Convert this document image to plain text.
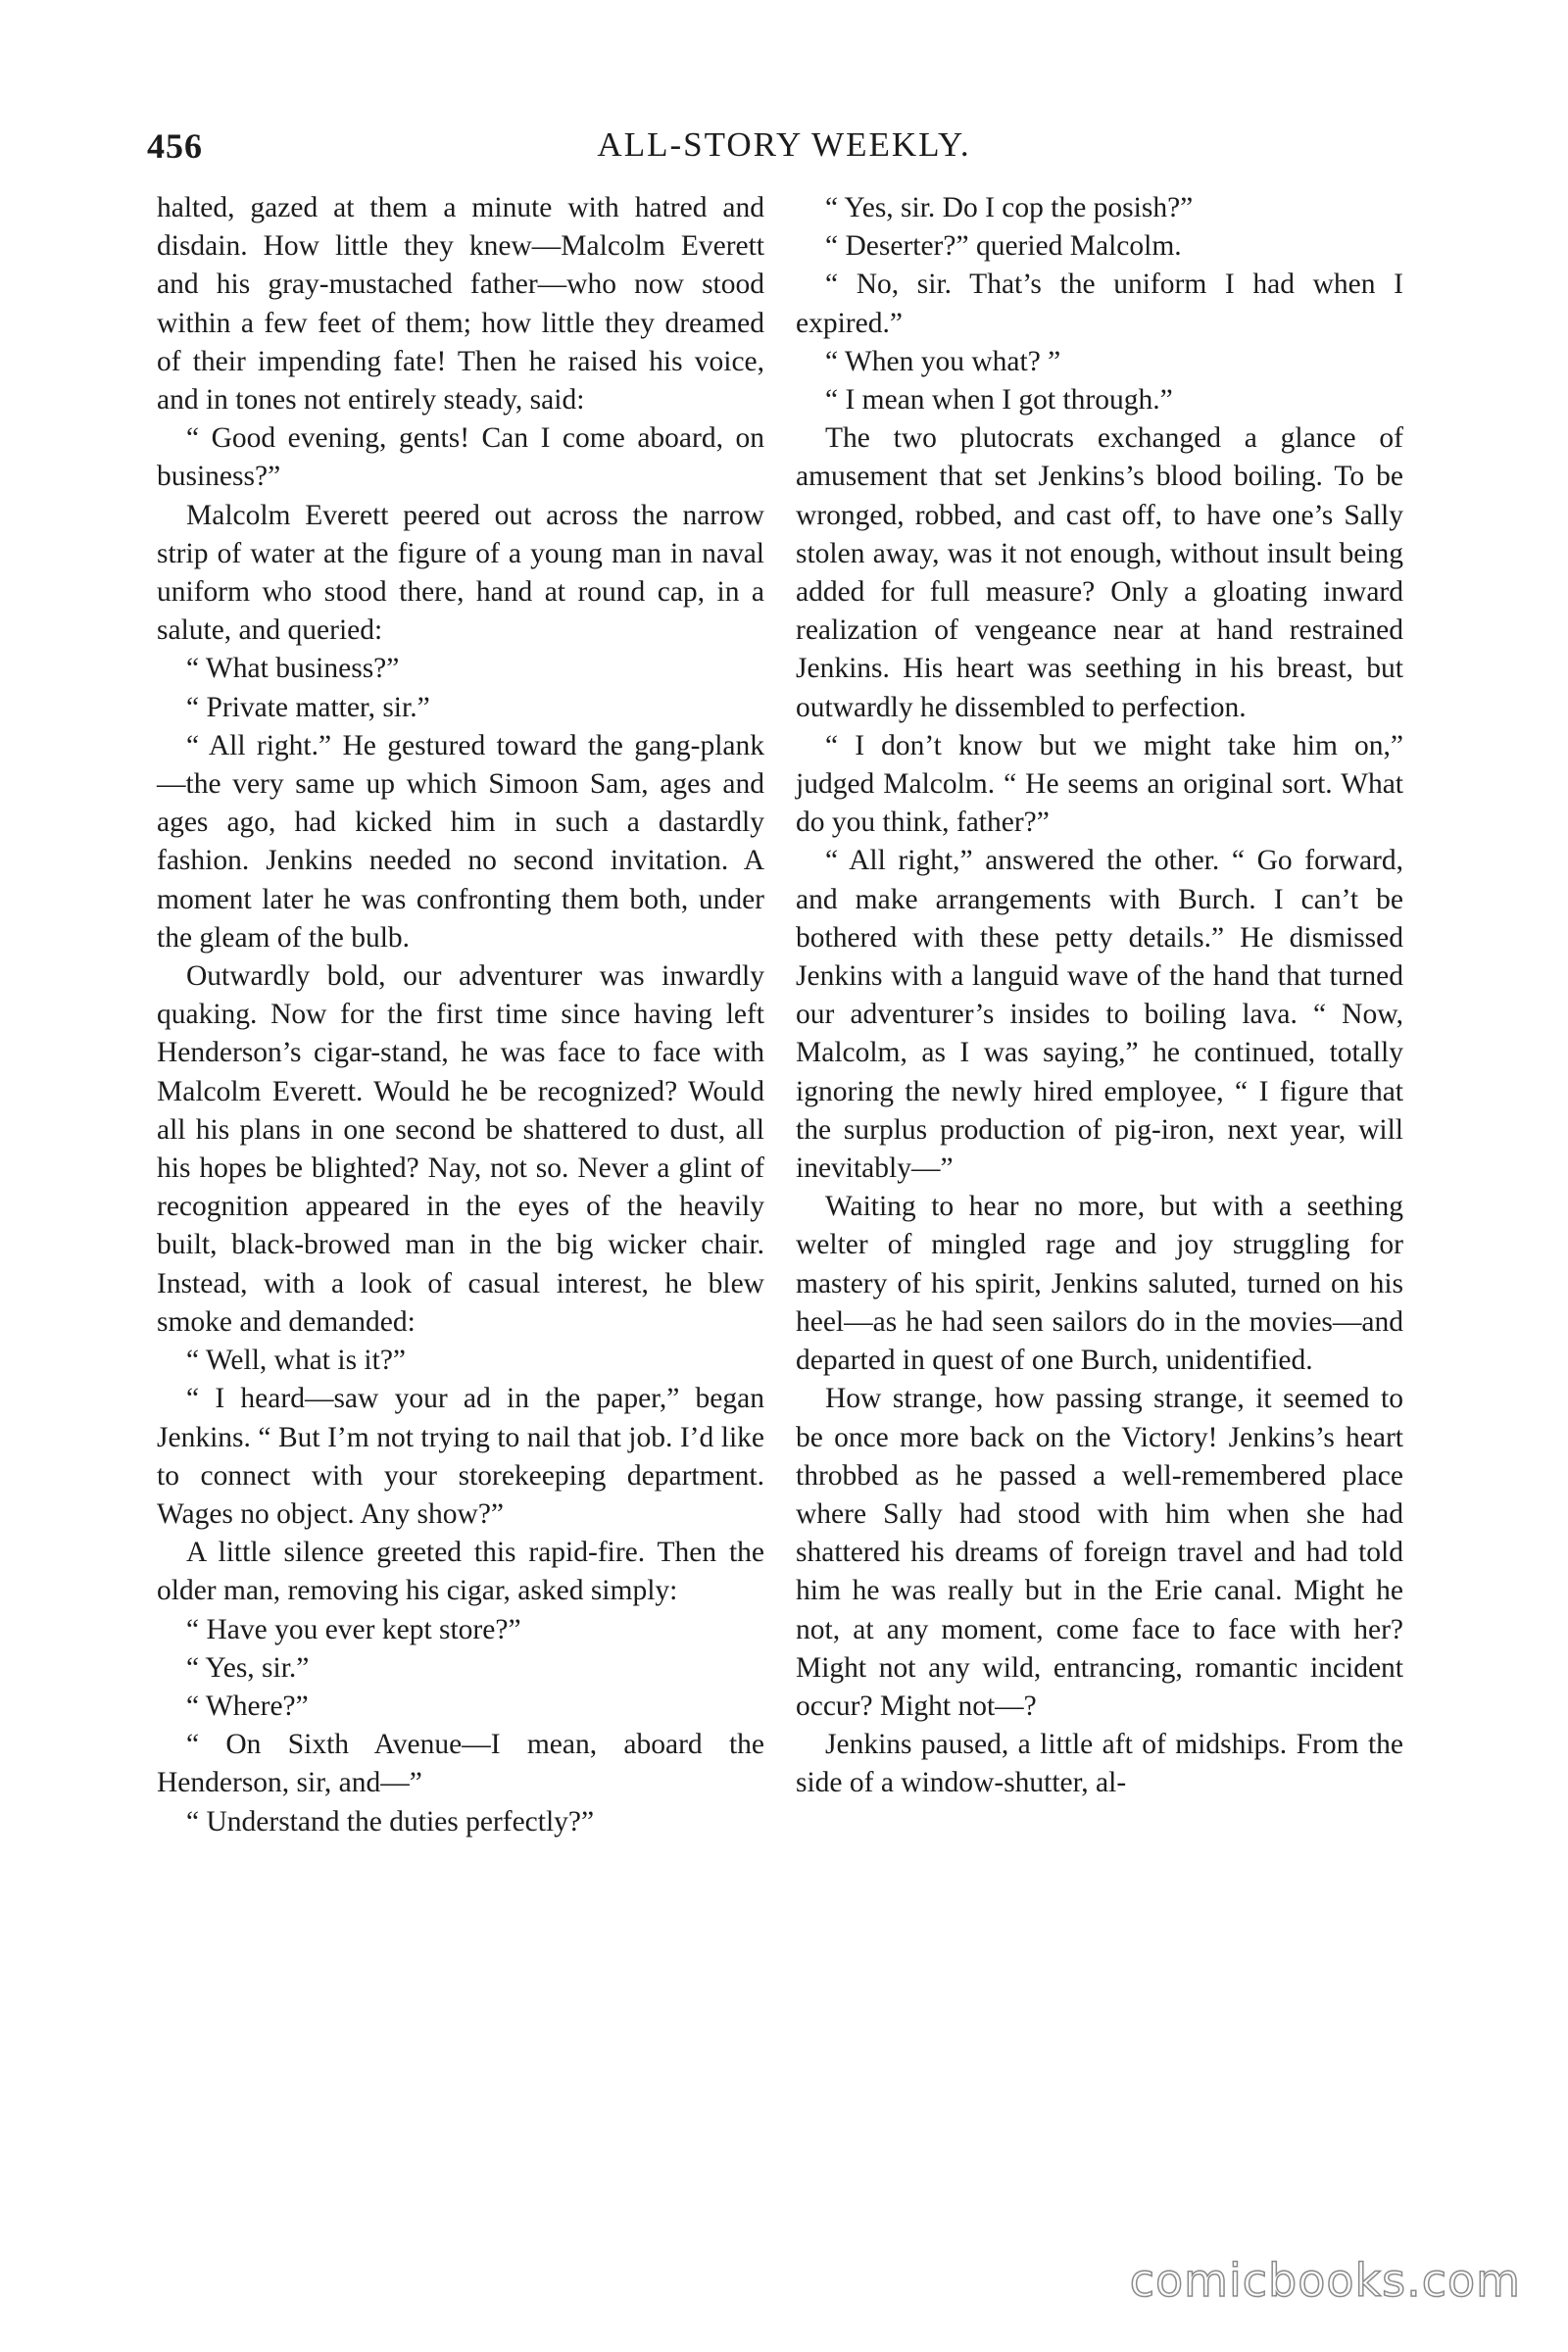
456	ALL-STORY WEEKLY.

halted, gazed at them a minute with hatred and disdain. How little they knew—Malcolm Everett and his gray-mustached father—who now stood within a few feet of them; how little they dreamed of their impending fate! Then he raised his voice, and in tones not entirely steady, said:

“ Good evening, gents! Can I come aboard, on business?”

Malcolm Everett peered out across the narrow strip of water at the figure of a young man in naval uniform who stood there, hand at round cap, in a salute, and queried:

“ What business?”

“ Private matter, sir.”

“ All right.” He gestured toward the gang-plank—the very same up which Simoon Sam, ages and ages ago, had kicked him in such a dastardly fashion. Jenkins needed no second invitation. A moment later he was confronting them both, under the gleam of the bulb.

Outwardly bold, our adventurer was inwardly quaking. Now for the first time since having left Henderson’s cigar-stand, he was face to face with Malcolm Everett. Would he be recognized? Would all his plans in one second be shattered to dust, all his hopes be blighted? Nay, not so. Never a glint of recognition appeared in the eyes of the heavily built, black-browed man in the big wicker chair. Instead, with a look of casual interest, he blew smoke and demanded:

“ Well, what is it?”

“ I heard—saw your ad in the paper,” began Jenkins. “ But I’m not trying to nail that job. I’d like to connect with your storekeeping department. Wages no object. Any show?”

A little silence greeted this rapid-fire. Then the older man, removing his cigar, asked simply:

“ Have you ever kept store?”

“ Yes, sir.”

“ Where?”

“ On Sixth Avenue—I mean, aboard the Henderson, sir, and—”

“ Understand the duties perfectly?”

“ Yes, sir. Do I cop the posish?”

“ Deserter?” queried Malcolm.

“ No, sir. That’s the uniform I had when I expired.”

“ When you what? ”

“ I mean when I got through.”

The two plutocrats exchanged a glance of amusement that set Jenkins’s blood boiling. To be wronged, robbed, and cast off, to have one’s Sally stolen away, was it not enough, without insult being added for full measure? Only a gloating inward realization of vengeance near at hand restrained Jenkins. His heart was seething in his breast, but outwardly he dissembled to perfection.

“ I don’t know but we might take him on,” judged Malcolm. “ He seems an original sort. What do you think, father?”

“ All right,” answered the other. “ Go forward, and make arrangements with Burch. I can’t be bothered with these petty details.” He dismissed Jenkins with a languid wave of the hand that turned our adventurer’s insides to boiling lava. “ Now, Malcolm, as I was saying,” he continued, totally ignoring the newly hired employee, “ I figure that the surplus production of pig-iron, next year, will inevitably—”

Waiting to hear no more, but with a seething welter of mingled rage and joy struggling for mastery of his spirit, Jenkins saluted, turned on his heel—as he had seen sailors do in the movies—and departed in quest of one Burch, unidentified.

How strange, how passing strange, it seemed to be once more back on the Victory! Jenkins’s heart throbbed as he passed a well-remembered place where Sally had stood with him when she had shattered his dreams of foreign travel and had told him he was really but in the Erie canal. Might he not, at any moment, come face to face with her? Might not any wild, entrancing, romantic incident occur? Might not—?

Jenkins paused, a little aft of midships. From the side of a window-shutter, al-

comicbooks.com
